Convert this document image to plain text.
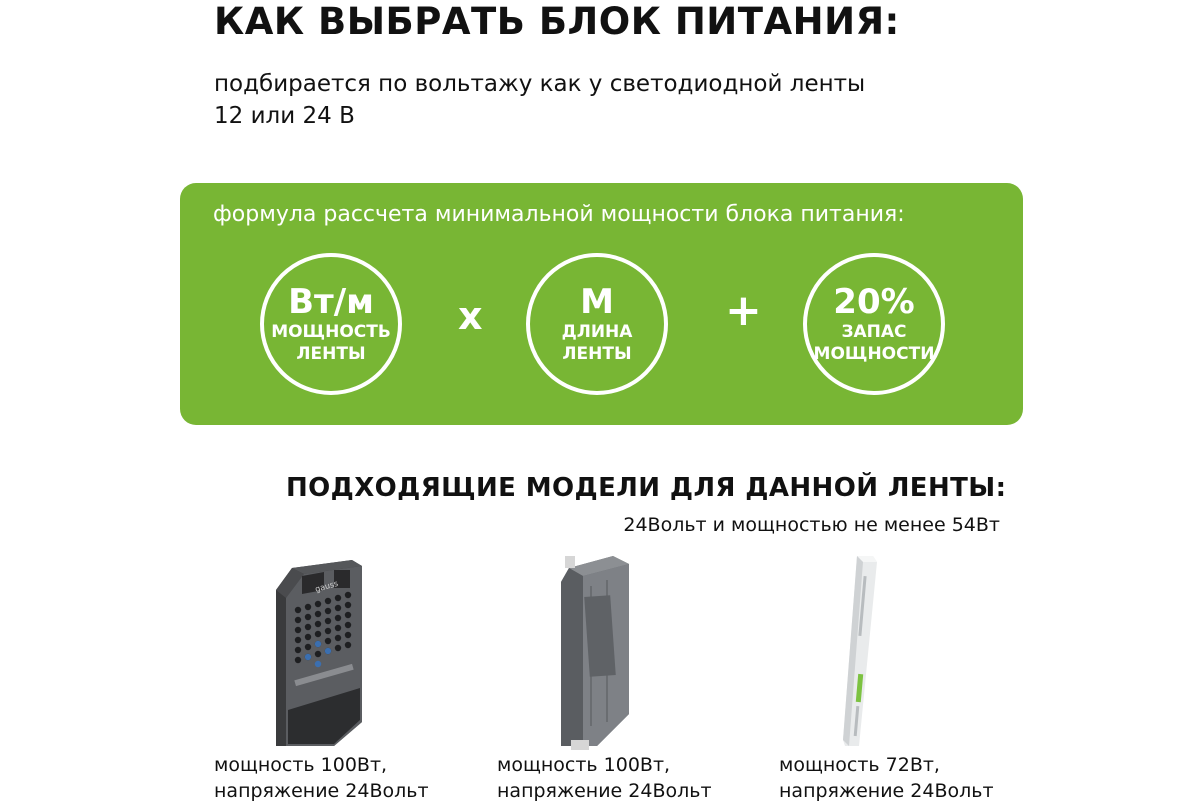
КАК ВЫБРАТЬ БЛОК ПИТАНИЯ:
подбирается по вольтажу как у светодиодной ленты
12 или 24 В
формула рассчета минимальной мощности блока питания:
Вт/м
МОЩНОСТЬ
ЛЕНТЫ
x	М
ДЛИНА
ЛЕНТЫ
+ 20%
ЗАПАС
МОЩНОСТИ
ПОДХОДЯЩИЕ МОДЕЛИ ДЛЯ ДАННОЙ ЛЕНТЫ:
24Вольт и мощностью не менее 54Вт
gauss
мощность 100Вт,
напряжение 24Вольт
мощность 100Вт,
напряжение 24Вольт
мощность 72Вт,
напряжение 24Вольт
